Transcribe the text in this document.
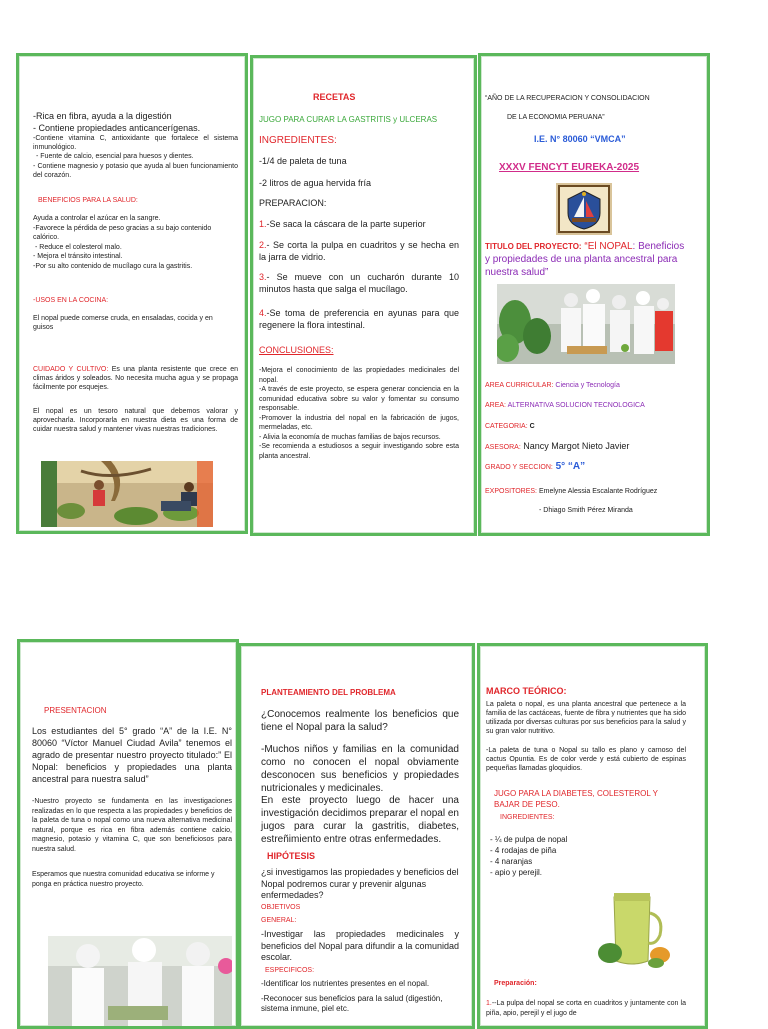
-Rica en fibra, ayuda a la digestión
- Contiene propiedades anticancerígenas.
-Contiene vitamina C, antioxidante que fortalece el sistema inmunológico.
- Fuente de calcio, esencial para huesos y dientes.
- Contiene magnesio y potasio que ayuda al buen funcionamiento del corazón.
BENEFICIOS PARA LA SALUD:
Ayuda a controlar el azúcar en la sangre.
-Favorece la pérdida de peso gracias a su bajo contenido calórico.
- Reduce el colesterol malo.
- Mejora el tránsito intestinal.
-Por su alto contenido de mucílago cura la gastritis.
-USOS EN LA COCINA:
El nopal puede comerse cruda, en ensaladas, cocida y en guisos
CUIDADO Y CULTIVO: Es una planta resistente que crece en climas áridos y soleados. No necesita mucha agua y se propaga fácilmente por esquejes.
El nopal es un tesoro natural que debemos valorar y aprovecharla. Incorporarla en nuestra dieta es una forma de cuidar nuestra salud y mantener vivas nuestras tradiciones.
RECETAS
JUGO PARA CURAR LA GASTRITIS y ULCERAS
INGREDIENTES:
-1/4 de paleta de tuna
-2 litros de agua hervida fría
PREPARACION:
1.-Se saca la cáscara de la parte superior
2.- Se corta la pulpa en cuadritos y se hecha en la jarra de vidrio.
3.- Se mueve con un cucharón durante 10 minutos hasta que salga el mucílago.
4.-Se toma de preferencia en ayunas para que regenere la flora intestinal.
CONCLUSIONES:
-Mejora el conocimiento de las propiedades medicinales del nopal.
-A través de este proyecto, se espera generar conciencia en la comunidad educativa sobre su valor y fomentar su consumo responsable.
-Promover la industria del nopal en la fabricación de jugos, mermeladas, etc.
- Alivia la economía de muchas familias de bajos recursos.
-Se recomienda a estudiosos a seguir investigando sobre esta planta ancestral.
“AÑO DE LA RECUPERACION Y CONSOLIDACION
DE LA ECONOMIA PERUANA”
I.E. N° 80060 “VMCA”
XXXV FENCYT EUREKA-2025
TITULO DEL PROYECTO: “El NOPAL: Beneficios y propiedades de una planta ancestral para nuestra salud”
AREA CURRICULAR: Ciencia y Tecnología
AREA: ALTERNATIVA SOLUCION TECNOLOGICA
CATEGORIA: C
ASESORA: Nancy Margot Nieto Javier
GRADO Y SECCION: 5° “A”
EXPOSITORES: Emelyne Alessia Escalante Rodríguez
- Dhiago Smith Pérez Miranda
PRESENTACION
Los estudiantes del 5° grado “A” de la I.E. N° 80060 “Víctor Manuel Ciudad Avila” tenemos el agrado de presentar nuestro proyecto titulado:” El Nopal: beneficios y propiedades una planta ancestral para nuestra salud”
-Nuestro proyecto se fundamenta en las investigaciones realizadas en lo que respecta a las propiedades y beneficios de la paleta de tuna o nopal como una nueva alternativa medicinal natural, porque es rica en fibra además contiene calcio, magnesio, potasio y vitamina C, que son beneficiosos para nuestra salud.
Esperamos que nuestra comunidad educativa se informe y ponga en práctica nuestro proyecto.
PLANTEAMIENTO DEL PROBLEMA
¿Conocemos realmente los beneficios que tiene el Nopal para la salud?
-Muchos niños y familias en la comunidad como no conocen el nopal obviamente desconocen sus beneficios y propiedades nutricionales y medicinales.
En este proyecto luego de hacer una investigación decidimos preparar el nopal en jugos para curar la gastritis, diabetes, estreñimiento entre otras enfermedades.
HIPÓTESIS
¿si investigamos las propiedades y beneficios del Nopal podremos curar y prevenir algunas enfermedades?
OBJETIVOS
GENERAL:
-Investigar las propiedades medicinales y beneficios del Nopal para difundir a la comunidad escolar.
ESPECIFICOS:
-Identificar los nutrientes presentes en el nopal.
-Reconocer sus beneficios para la salud (digestión, sistema inmune, piel etc.
MARCO TEÓRICO:
La paleta o nopal, es una planta ancestral que pertenece a la familia de las cactáceas, fuente de fibra y nutrientes que ha sido utilizada por diversas culturas por sus beneficios para la salud y su gran valor nutritivo.
-La paleta de tuna o Nopal su tallo es plano y carnoso del cactus Opuntia. Es de color verde y está cubierto de espinas pequeñas llamadas gloquidios.
JUGO PARA LA DIABETES, COLESTEROL Y BAJAR DE PESO.
INGREDIENTES:
- ¼ de pulpa de nopal
- 4 rodajas de piña
- 4 naranjas
- apio y perejil.
Preparación:
1.--La pulpa del nopal se corta en cuadritos y juntamente con la piña, apio, perejil y el jugo de
